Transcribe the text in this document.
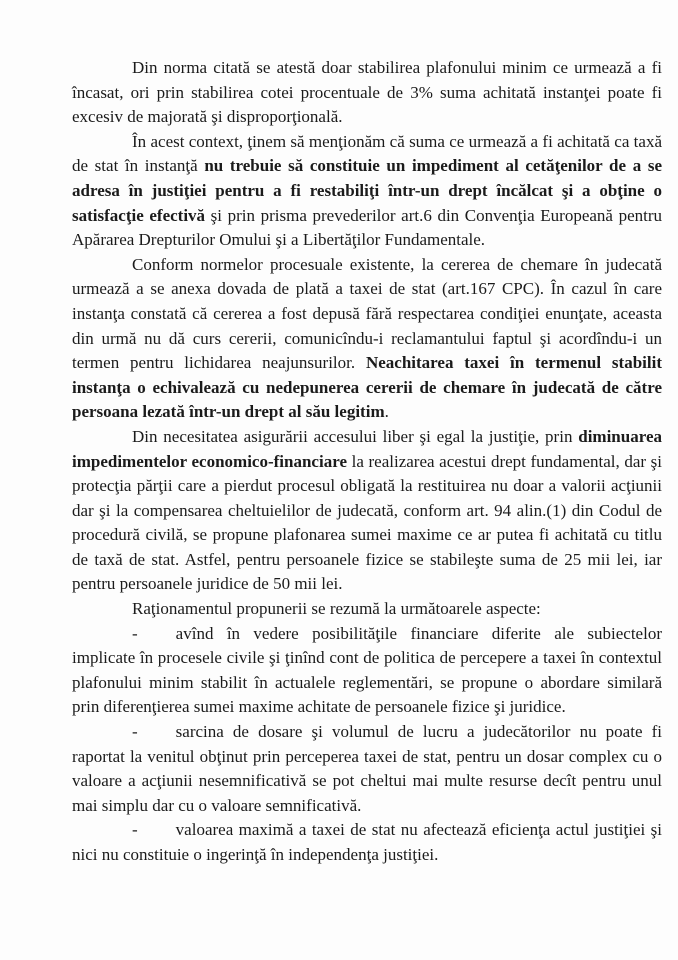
Din norma citată se atestă doar stabilirea plafonului minim ce urmează a fi încasat, ori prin stabilirea cotei procentuale de 3% suma achitată instanţei poate fi excesiv de majorată şi disproporţională.

În acest context, ţinem să menţionăm că suma ce urmează a fi achitată ca taxă de stat în instanţă nu trebuie să constituie un impediment al cetăţenilor de a se adresa în justiţiei pentru a fi restabiliţi într-un drept încălcat şi a obţine o satisfacţie efectivă şi prin prisma prevederilor art.6 din Convenţia Europeană pentru Apărarea Drepturilor Omului şi a Libertăţilor Fundamentale.

Conform normelor procesuale existente, la cererea de chemare în judecată urmează a se anexa dovada de plată a taxei de stat (art.167 CPC). În cazul în care instanţa constată că cererea a fost depusă fără respectarea condiţiei enunţate, aceasta din urmă nu dă curs cererii, comunicîndu-i reclamantului faptul şi acordîndu-i un termen pentru lichidarea neajunsurilor. Neachitarea taxei în termenul stabilit instanţa o echivalează cu nedepunerea cererii de chemare în judecată de către persoana lezată într-un drept al său legitim.

Din necesitatea asigurării accesului liber şi egal la justiţie, prin diminuarea impedimentelor economico-financiare la realizarea acestui drept fundamental, dar şi protecţia părţii care a pierdut procesul obligată la restituirea nu doar a valorii acţiunii dar şi la compensarea cheltuielilor de judecată, conform art. 94 alin.(1) din Codul de procedură civilă, se propune plafonarea sumei maxime ce ar putea fi achitată cu titlu de taxă de stat. Astfel, pentru persoanele fizice se stabileşte suma de 25 mii lei, iar pentru persoanele juridice de 50 mii lei.

Raţionamentul propunerii se rezumă la următoarele aspecte:

- avînd în vedere posibilităţile financiare diferite ale subiectelor implicate în procesele civile şi ţinînd cont de politica de percepere a taxei în contextul plafonului minim stabilit în actualele reglementări, se propune o abordare similară prin diferenţierea sumei maxime achitate de persoanele fizice şi juridice.

- sarcina de dosare şi volumul de lucru a judecătorilor nu poate fi raportat la venitul obţinut prin perceperea taxei de stat, pentru un dosar complex cu o valoare a acţiunii nesemnificativă se pot cheltui mai multe resurse decît pentru unul mai simplu dar cu o valoare semnificativă.

- valoarea maximă a taxei de stat nu afectează eficienţa actul justiţiei şi nici nu constituie o ingerinţă în independenţa justiţiei.
